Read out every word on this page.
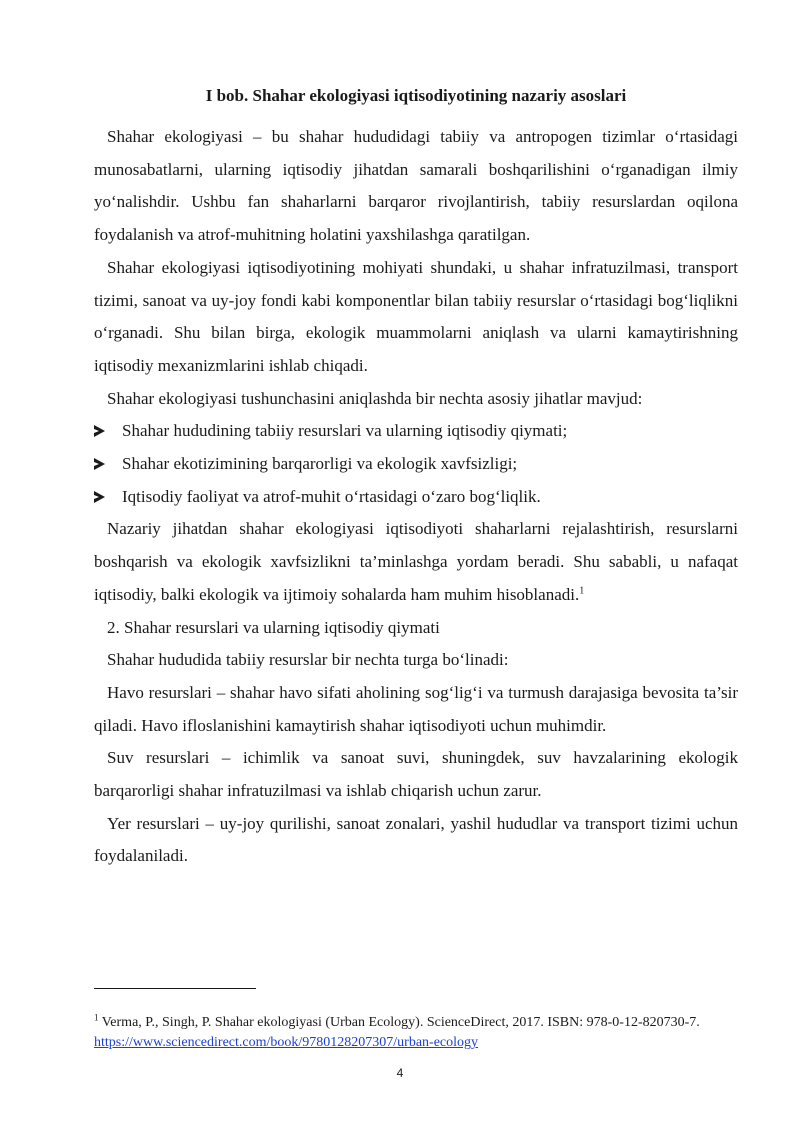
I bob. Shahar ekologiyasi iqtisodiyotining nazariy asoslari

Shahar ekologiyasi – bu shahar hududidagi tabiiy va antropogen tizimlar o‘rtasidagi munosabatlarni, ularning iqtisodiy jihatdan samarali boshqarilishini o‘rganadigan ilmiy yo‘nalishdir. Ushbu fan shaharlarni barqaror rivojlantirish, tabiiy resurslardan oqilona foydalanish va atrof-muhitning holatini yaxshilashga qaratilgan.

Shahar ekologiyasi iqtisodiyotining mohiyati shundaki, u shahar infratuzilmasi, transport tizimi, sanoat va uy-joy fondi kabi komponentlar bilan tabiiy resurslar o‘rtasidagi bog‘liqlikni o‘rganadi. Shu bilan birga, ekologik muammolarni aniqlash va ularni kamaytirishning iqtisodiy mexanizmlarini ishlab chiqadi.

Shahar ekologiyasi tushunchasini aniqlashda bir nechta asosiy jihatlar mavjud:

Shahar hududining tabiiy resurslari va ularning iqtisodiy qiymati;
Shahar ekotizimining barqarorligi va ekologik xavfsizligi;
Iqtisodiy faoliyat va atrof-muhit o‘rtasidagi o‘zaro bog‘liqlik.

Nazariy jihatdan shahar ekologiyasi iqtisodiyoti shaharlarni rejalashtirish, resurslarni boshqarish va ekologik xavfsizlikni ta’minlashga yordam beradi. Shu sababli, u nafaqat iqtisodiy, balki ekologik va ijtimoiy sohalarda ham muhim hisoblanadi.$^1$

2. Shahar resurslari va ularning iqtisodiy qiymati

Shahar hududida tabiiy resurslar bir nechta turga bo‘linadi:

Havo resurslari – shahar havo sifati aholining sog‘lig‘i va turmush darajasiga bevosita ta’sir qiladi. Havo ifloslanishini kamaytirish shahar iqtisodiyoti uchun muhimdir.

Suv resurslari – ichimlik va sanoat suvi, shuningdek, suv havzalarining ekologik barqarorligi shahar infratuzilmasi va ishlab chiqarish uchun zarur.

Yer resurslari – uy-joy qurilishi, sanoat zonalari, yashil hududlar va transport tizimi uchun foydalaniladi.

$^1$ Verma, P., Singh, P. Shahar ekologiyasi (Urban Ecology). ScienceDirect, 2017. ISBN: 978-0-12-820730-7. https://www.sciencedirect.com/book/9780128207307/urban-ecology

4
